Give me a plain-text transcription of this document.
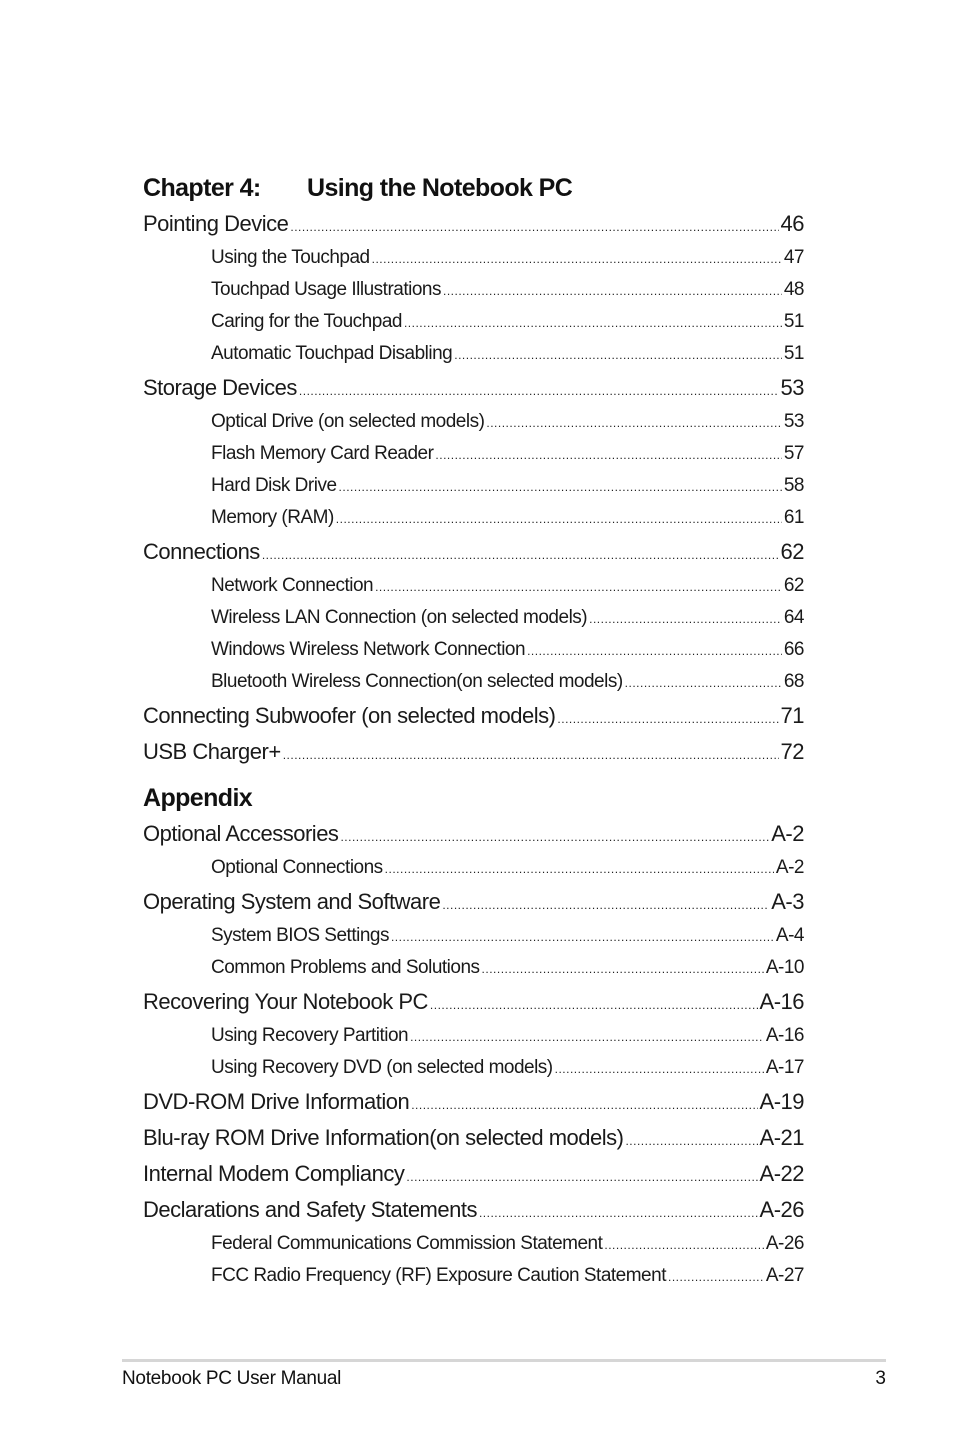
Chapter 4:	Using the Notebook PC
Pointing Device .....	46
Using the Touchpad .....	47
Touchpad Usage Illustrations .....	48
Caring for the Touchpad .....	51
Automatic Touchpad Disabling .....	51
Storage Devices .....	53
Optical Drive (on selected models) .....	53
Flash Memory Card Reader .....	57
Hard Disk Drive .....	58
Memory (RAM) .....	61
Connections .....	62
Network Connection .....	62
Wireless LAN Connection (on selected models) .....	64
Windows Wireless Network Connection .....	66
Bluetooth Wireless Connection(on selected models) .....	68
Connecting Subwoofer (on selected models) .....	71
USB Charger+ .....	72
Appendix
Optional Accessories .....	A-2
Optional Connections .....	A-2
Operating System and Software .....	A-3
System BIOS Settings .....	A-4
Common Problems and Solutions .....	A-10
Recovering Your Notebook PC .....	A-16
Using Recovery Partition .....	A-16
Using Recovery DVD (on selected models) .....	A-17
DVD-ROM Drive Information .....	A-19
Blu-ray ROM Drive Information(on selected models) .....	A-21
Internal Modem Compliancy .....	A-22
Declarations and Safety Statements .....	A-26
Federal Communications Commission Statement .....	A-26
FCC Radio Frequency (RF) Exposure Caution Statement .....	A-27
Notebook PC User Manual	3
